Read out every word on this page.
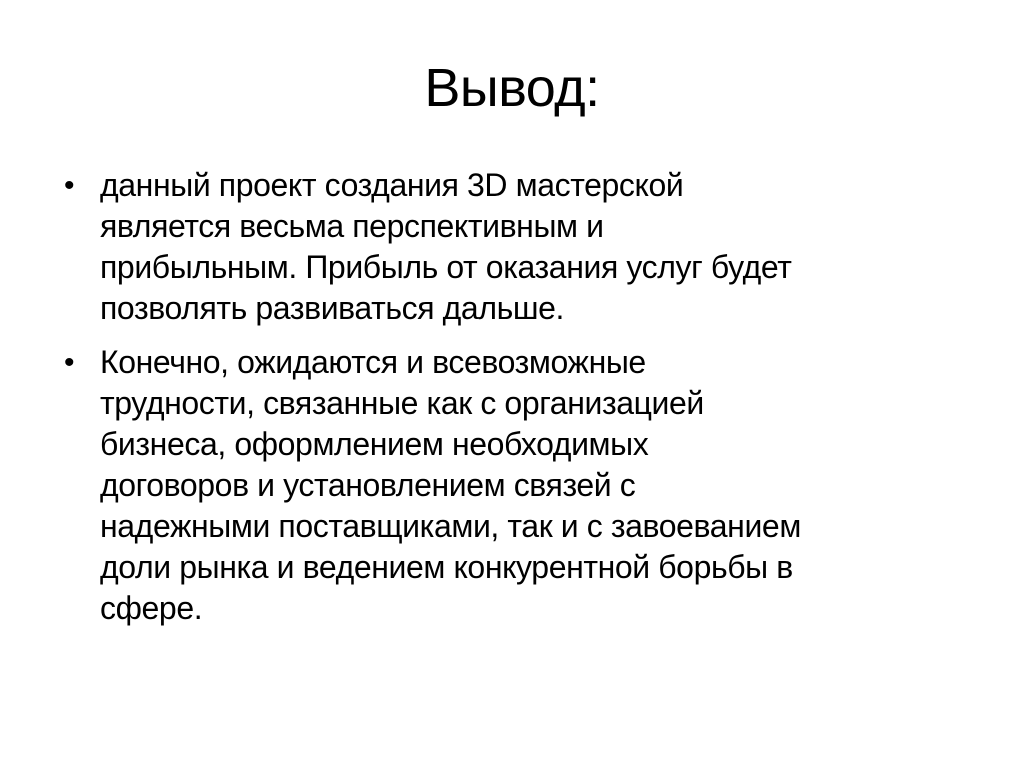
Вывод:
• данный проект создания 3D мастерской является весьма перспективным и прибыльным. Прибыль от оказания услуг будет позволять развиваться дальше.

• Конечно, ожидаются и всевозможные трудности, связанные как с организацией бизнеса, оформлением необходимых договоров и установлением связей с надежными поставщиками, так и с завоеванием доли рынка и ведением конкурентной борьбы в сфере.
